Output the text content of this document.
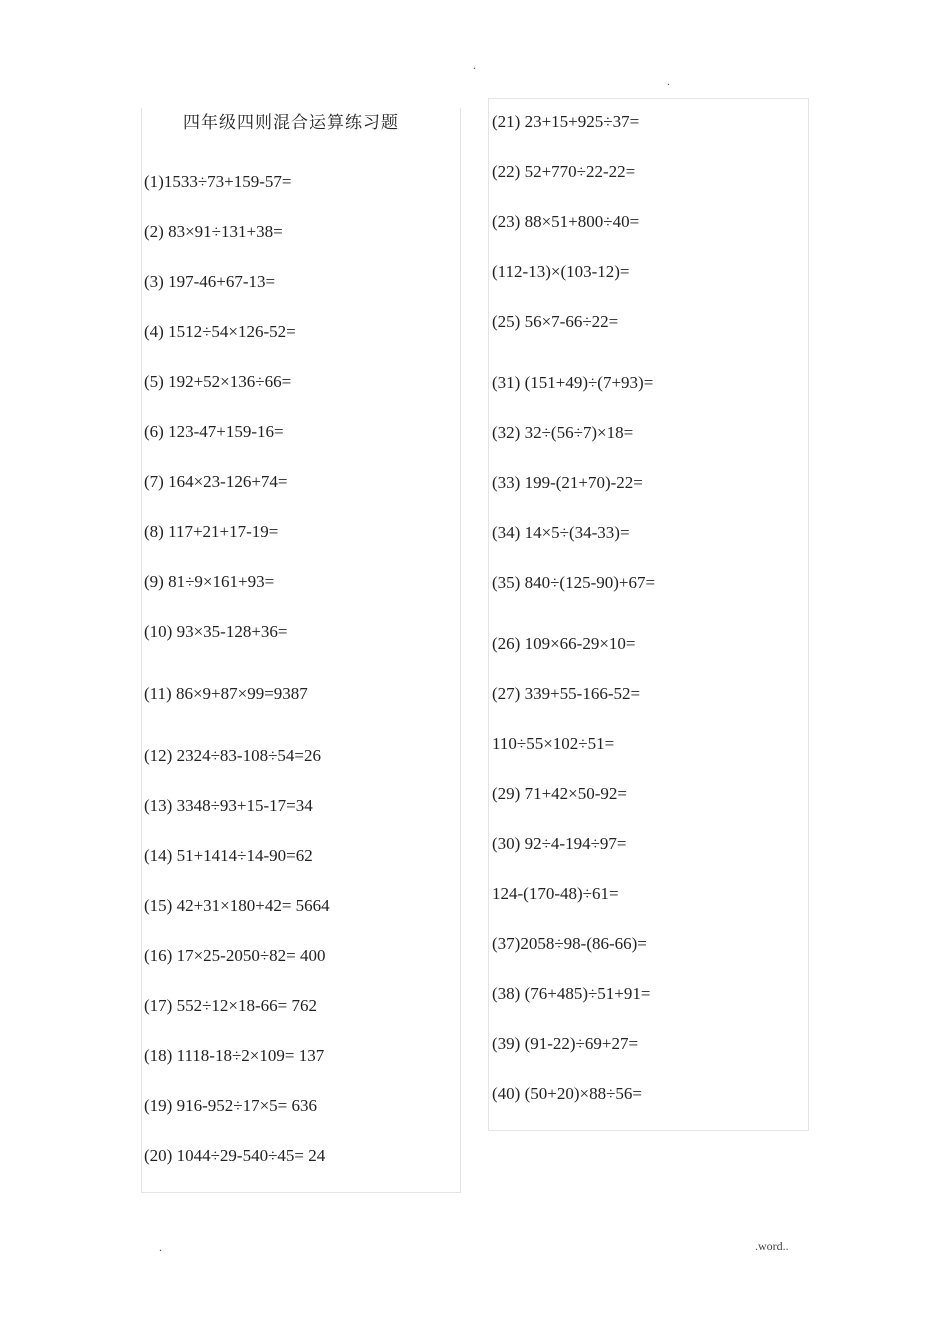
.
.
四年级四则混合运算练习题
(1)1533÷73+159-57=
(2) 83×91÷131+38=
(3) 197-46+67-13=
(4) 1512÷54×126-52=
(5) 192+52×136÷66=
(6) 123-47+159-16=
(7) 164×23-126+74=
(8) 117+21+17-19=
(9) 81÷9×161+93=
(10) 93×35-128+36=
(11) 86×9+87×99=9387
(12) 2324÷83-108÷54=26
(13) 3348÷93+15-17=34
(14) 51+1414÷14-90=62
(15) 42+31×180+42= 5664
(16) 17×25-2050÷82= 400
(17) 552÷12×18-66= 762
(18) 1118-18÷2×109= 137
(19) 916-952÷17×5= 636
(20) 1044÷29-540÷45= 24
(21) 23+15+925÷37=
(22) 52+770÷22-22=
(23) 88×51+800÷40=
(112-13)×(103-12)=
(25) 56×7-66÷22=
(31) (151+49)÷(7+93)=
(32) 32÷(56÷7)×18=
(33) 199-(21+70)-22=
(34) 14×5÷(34-33)=
(35) 840÷(125-90)+67=
(26) 109×66-29×10=
(27) 339+55-166-52=
110÷55×102÷51=
(29) 71+42×50-92=
(30) 92÷4-194÷97=
124-(170-48)÷61=
(37)2058÷98-(86-66)=
(38) (76+485)÷51+91=
(39) (91-22)÷69+27=
(40) (50+20)×88÷56=
.	.word..
